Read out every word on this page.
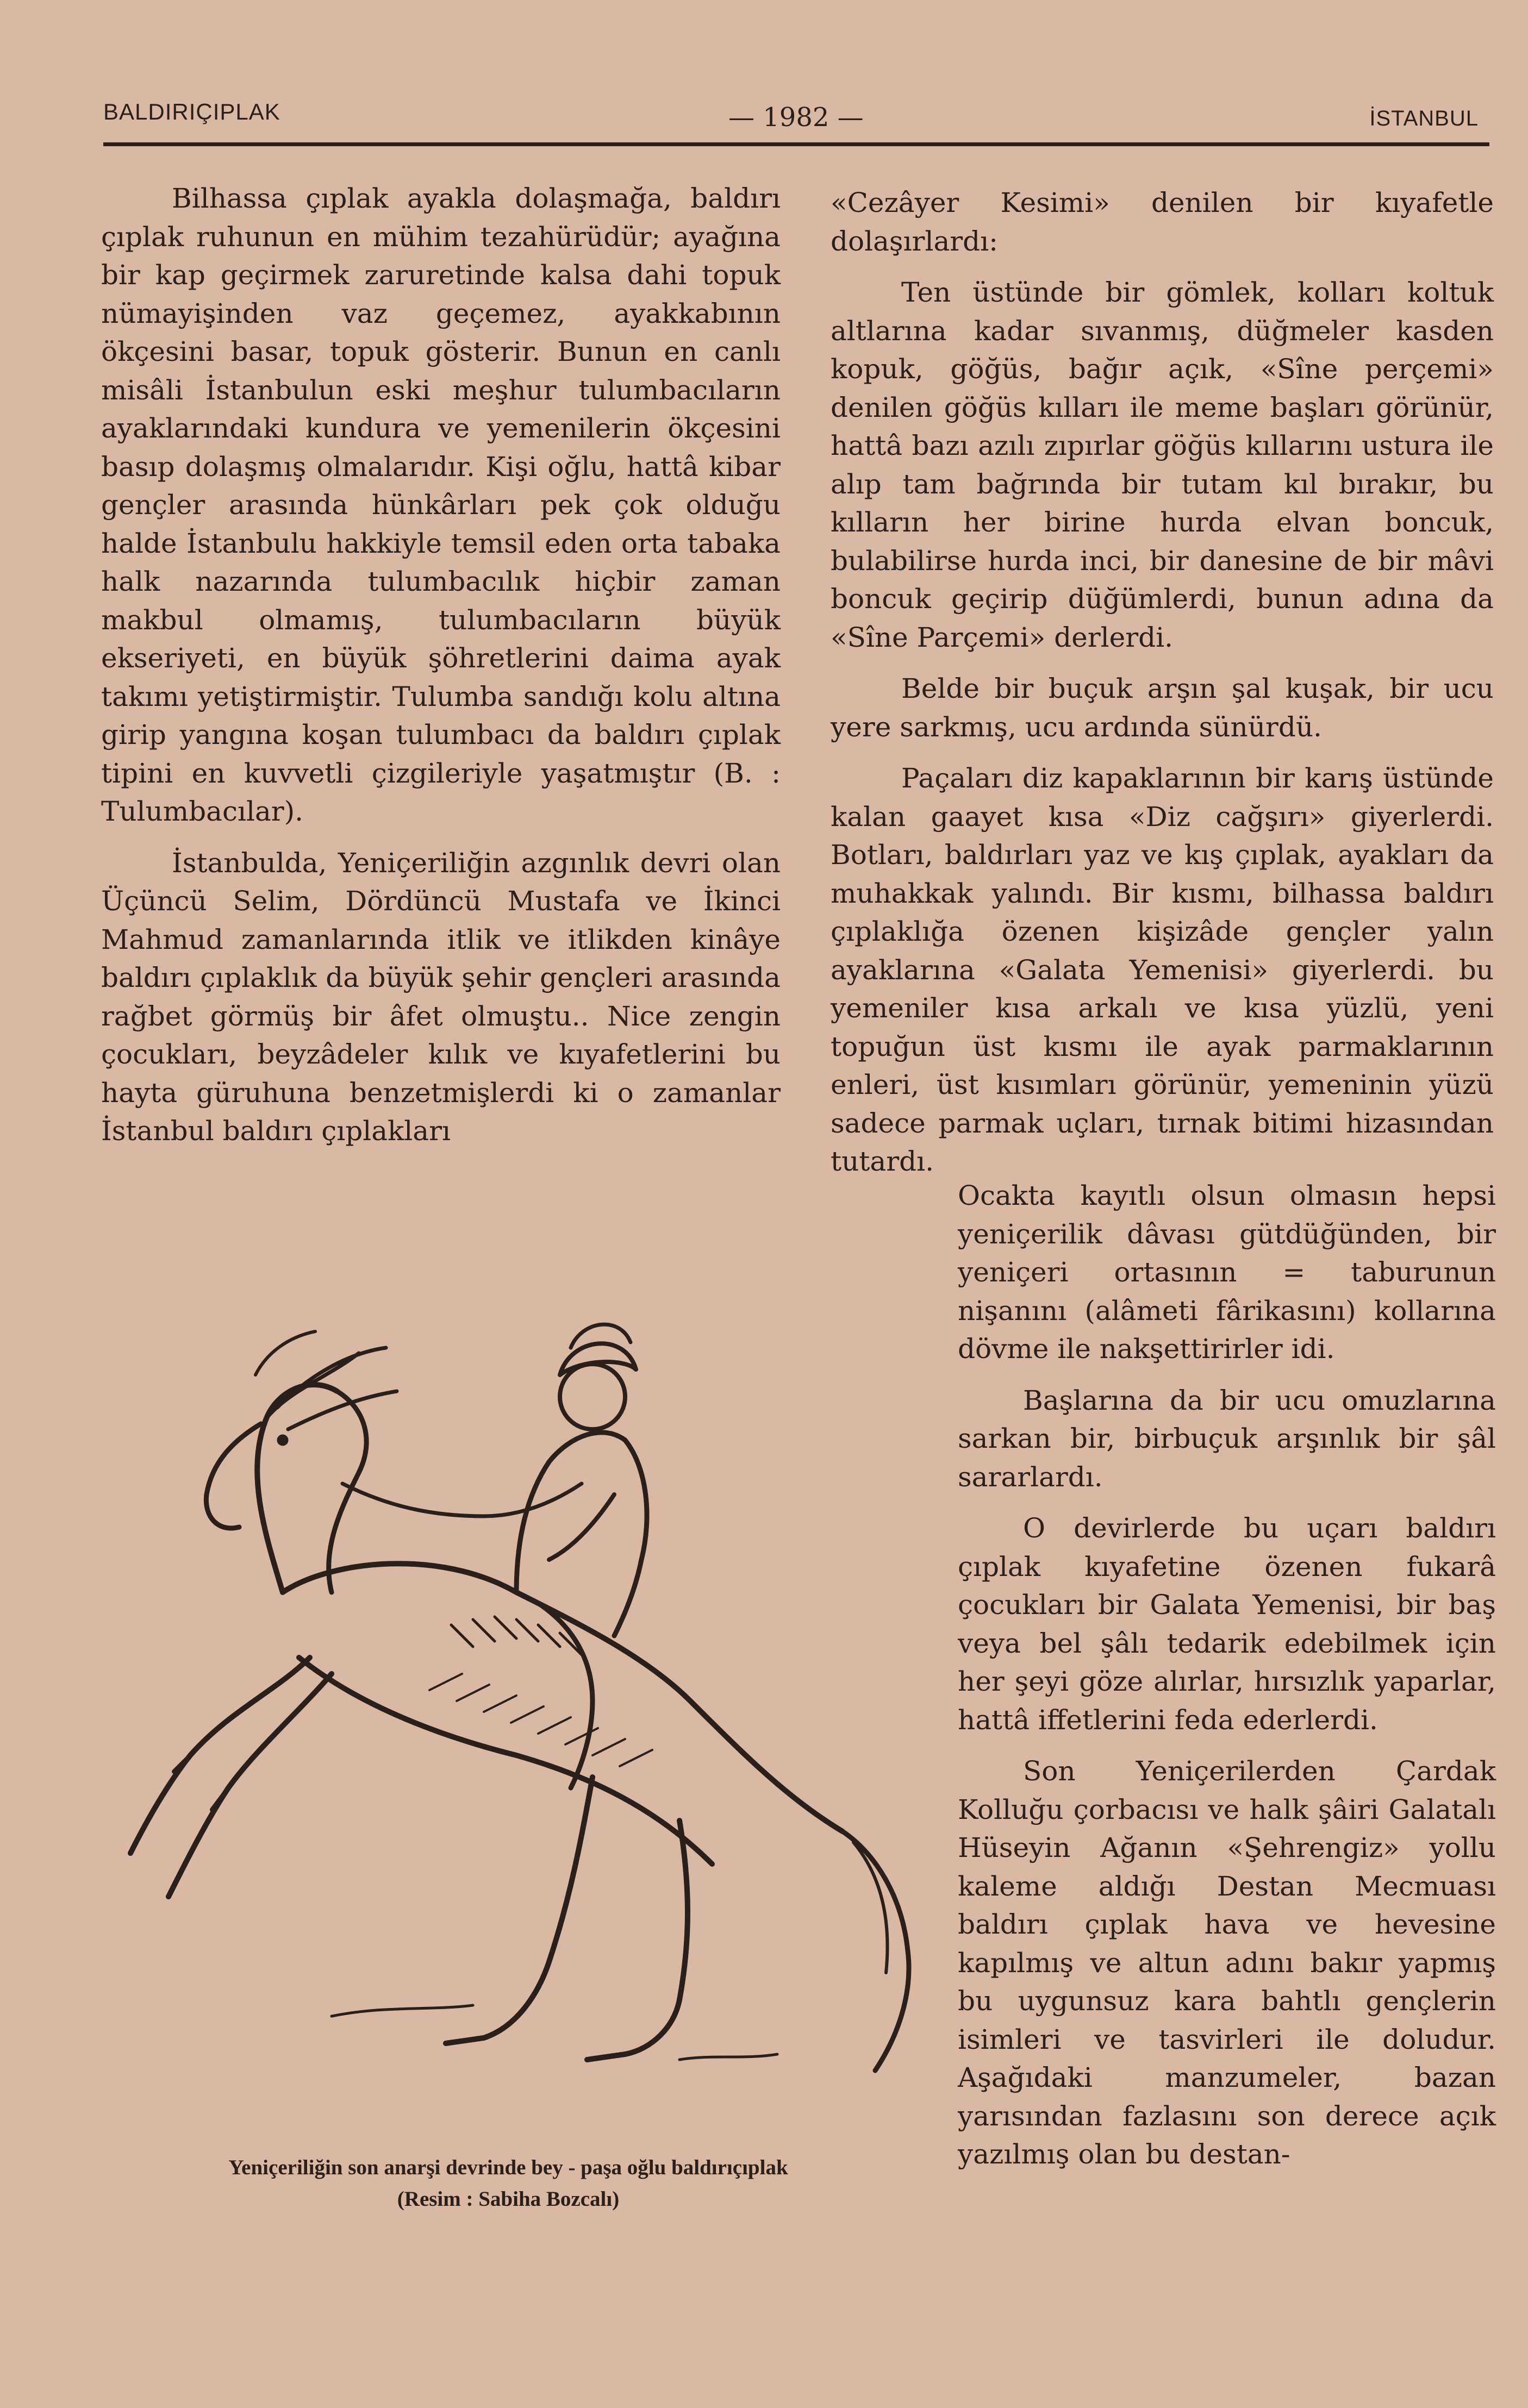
BALDIRIÇIPLAK	— 1982 —	İSTANBUL

Bilhassa çıplak ayakla dolaşmağa, baldırı çıplak ruhunun en mühim tezahürüdür; ayağına bir kap geçirmek zaruretinde kalsa dahi topuk nümayişinden vaz geçemez, ayakkabının ökçesini basar, topuk gösterir. Bunun en canlı misâli İstanbulun eski meşhur tulumbacıların ayaklarındaki kundura ve yemenilerin ökçesini basıp dolaşmış olmalarıdır. Kişi oğlu, hattâ kibar gençler arasında hünkârları pek çok olduğu halde İstanbulu hakkiyle temsil eden orta tabaka halk nazarında tulumbacılık hiçbir zaman makbul olmamış, tulumbacıların büyük ekseriyeti, en büyük şöhretlerini daima ayak takımı yetiştirmiştir. Tulumba sandığı kolu altına girip yangına koşan tulumbacı da baldırı çıplak tipini en kuvvetli çizgileriyle yaşatmıştır (B. : Tulumbacılar).

İstanbulda, Yeniçeriliğin azgınlık devri olan Üçüncü Selim, Dördüncü Mustafa ve İkinci Mahmud zamanlarında itlik ve itlikden kinâye baldırı çıplaklık da büyük şehir gençleri arasında rağbet görmüş bir âfet olmuştu.. Nice zengin çocukları, beyzâdeler kılık ve kıyafetlerini bu hayta güruhuna benzetmişlerdi ki o zamanlar İstanbul baldırı çıplakları

«Cezâyer Kesimi» denilen bir kıyafetle dolaşırlardı:

Ten üstünde bir gömlek, kolları koltuk altlarına kadar sıvanmış, düğmeler kasden kopuk, göğüs, bağır açık, «Sîne perçemi» denilen göğüs kılları ile meme başları görünür, hattâ bazı azılı zıpırlar göğüs kıllarını ustura ile alıp tam bağrında bir tutam kıl bırakır, bu kılların her birine hurda elvan boncuk, bulabilirse hurda inci, bir danesine de bir mâvi boncuk geçirip düğümlerdi, bunun adına da «Sîne Parçemi» derlerdi.

Belde bir buçuk arşın şal kuşak, bir ucu yere sarkmış, ucu ardında sünürdü.

Paçaları diz kapaklarının bir karış üstünde kalan gaayet kısa «Diz cağşırı» giyerlerdi. Botları, baldırları yaz ve kış çıplak, ayakları da muhakkak yalındı. Bir kısmı, bilhassa baldırı çıplaklığa özenen kişizâde gençler yalın ayaklarına «Galata Yemenisi» giyerlerdi. bu yemeniler kısa arkalı ve kısa yüzlü, yeni topuğun üst kısmı ile ayak parmaklarının enleri, üst kısımları görünür, yemeninin yüzü sadece parmak uçları, tırnak bitimi hizasından tutardı.

Ocakta kayıtlı olsun olmasın hepsi yeniçerilik dâvası gütdüğünden, bir yeniçeri ortasının = taburunun nişanını (alâmeti fârikasını) kollarına dövme ile nakşettirirler idi.

Başlarına da bir ucu omuzlarına sarkan bir, birbuçuk arşınlık bir şâl sararlardı.

O devirlerde bu uçarı baldırı çıplak kıyafetine özenen fukarâ çocukları bir Galata Yemenisi, bir baş veya bel şâlı tedarik edebilmek için her şeyi göze alırlar, hırsızlık yaparlar, hattâ iffetlerini feda ederlerdi.

Son Yeniçerilerden Çardak Kolluğu çorbacısı ve halk şâiri Galatalı Hüseyin Ağanın «Şehrengiz» yollu kaleme aldığı Destan Mecmuası baldırı çıplak hava ve hevesine kapılmış ve altun adını bakır yapmış bu uygunsuz kara bahtlı gençlerin isimleri ve tasvirleri ile doludur. Aşağıdaki manzumeler, bazan yarısından fazlasını son derece açık yazılmış olan bu destan-

Yeniçeriliğin son anarşi devrinde bey - paşa oğlu baldırıçıplak
(Resim : Sabiha Bozcalı)
